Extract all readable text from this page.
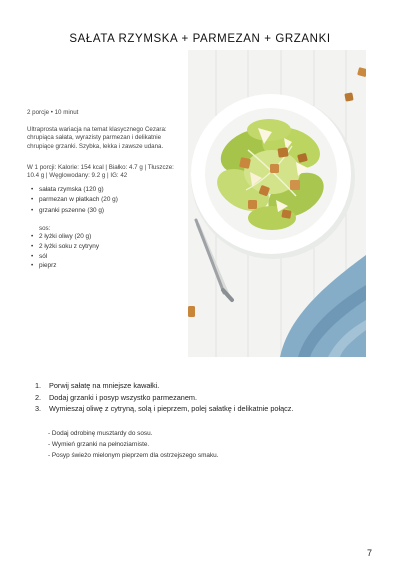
SAŁATA RZYMSKA + PARMEZAN + GRZANKI
2 porcje • 10 minut
Ultraprosta wariacja na temat klasycznego Cezara: chrupiąca sałata, wyrazisty parmezan i delikatnie chrupiące grzanki. Szybka, lekka i zawsze udana.
W 1 porcji: Kalorie: 154 kcal | Białko: 4.7 g | Tłuszcze: 10.4 g | Węglowodany: 9.2 g | IG: 42
• sałata rzymska (120 g)
• parmezan w płatkach (20 g)
• grzanki pszenne (30 g)
sos:
• 2 łyżki oliwy (20 g)
• 2 łyżki soku z cytryny
• sól
• pieprz
1. Porwij sałatę na mniejsze kawałki.
2. Dodaj grzanki i posyp wszystko parmezanem.
3. Wymieszaj oliwę z cytryną, solą i pieprzem, polej sałatkę i delikatnie połącz.
- Dodaj odrobinę musztardy do sosu.
- Wymień grzanki na pełnoziarniste.
- Posyp świeżo mielonym pieprzem dla ostrzejszego smaku.
7
